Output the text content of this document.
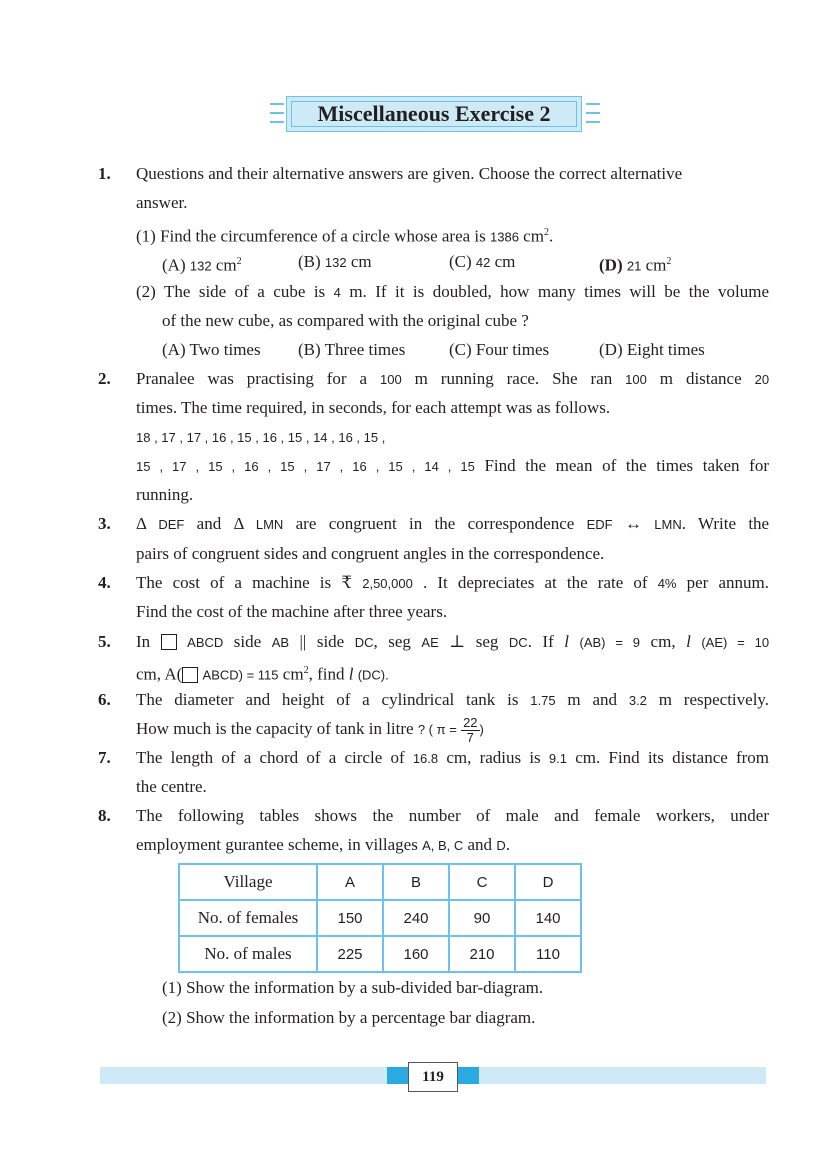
Miscellaneous Exercise 2
1. Questions and their alternative answers are given. Choose the correct alternative
answer.
(1) Find the circumference of a circle whose area is 1386 $cm^2$.
(A) 132 $cm^2$	(B) 132 cm	(C) 42 cm	(D) 21 $cm^2$
(2) The side of a cube is 4 m. If it is doubled, how many times will be the volume
of the new cube, as compared with the original cube ?
(A) Two times (B) Three times	(C) Four times	(D) Eight times
2. Pranalee was practising for a 100 m running race. She ran 100 m distance 20
times. The time required, in seconds, for each attempt was as follows.
18 , 17 , 17 , 16 , 15 , 16 , 15 , 14 , 16 , 15 ,
15 , 17 , 15 , 16 , 15 , 17 , 16 , 15 , 14 , 15 Find the mean of the times taken for
running.
3. Δ DEF and Δ LMN are congruent in the correspondence EDF ↔ LMN. Write the
pairs of congruent sides and congruent angles in the correspondence.
4. The cost of a machine is ₹ 2,50,000 . It depreciates at the rate of 4% per annum.
Find the cost of the machine after three years.
5. In	ABCD side AB || side DC, seg AE ⊥ seg DC. If l (AB) = 9 cm, l (AE) = 10
cm, A( ABCD) = 115 $cm^2$, find l (DC).
6. The diameter and height of a cylindrical tank is 1.75 m and 3.2 m respectively.
How much is the capacity of tank in litre ? ( $\pi = \frac{22}{7}$ )
7. The length of a chord of a circle of 16.8 cm, radius is 9.1 cm. Find its distance from
the centre.
8. The following tables shows the number of male and female workers, under
employment gurantee scheme, in villages A, B, C and D.
Village	A	B	C	D
No. of females	150	240	90	140
No. of males	225	160	210	110
(1) Show the information by a sub-divided bar-diagram.
(2) Show the information by a percentage bar diagram.
119
